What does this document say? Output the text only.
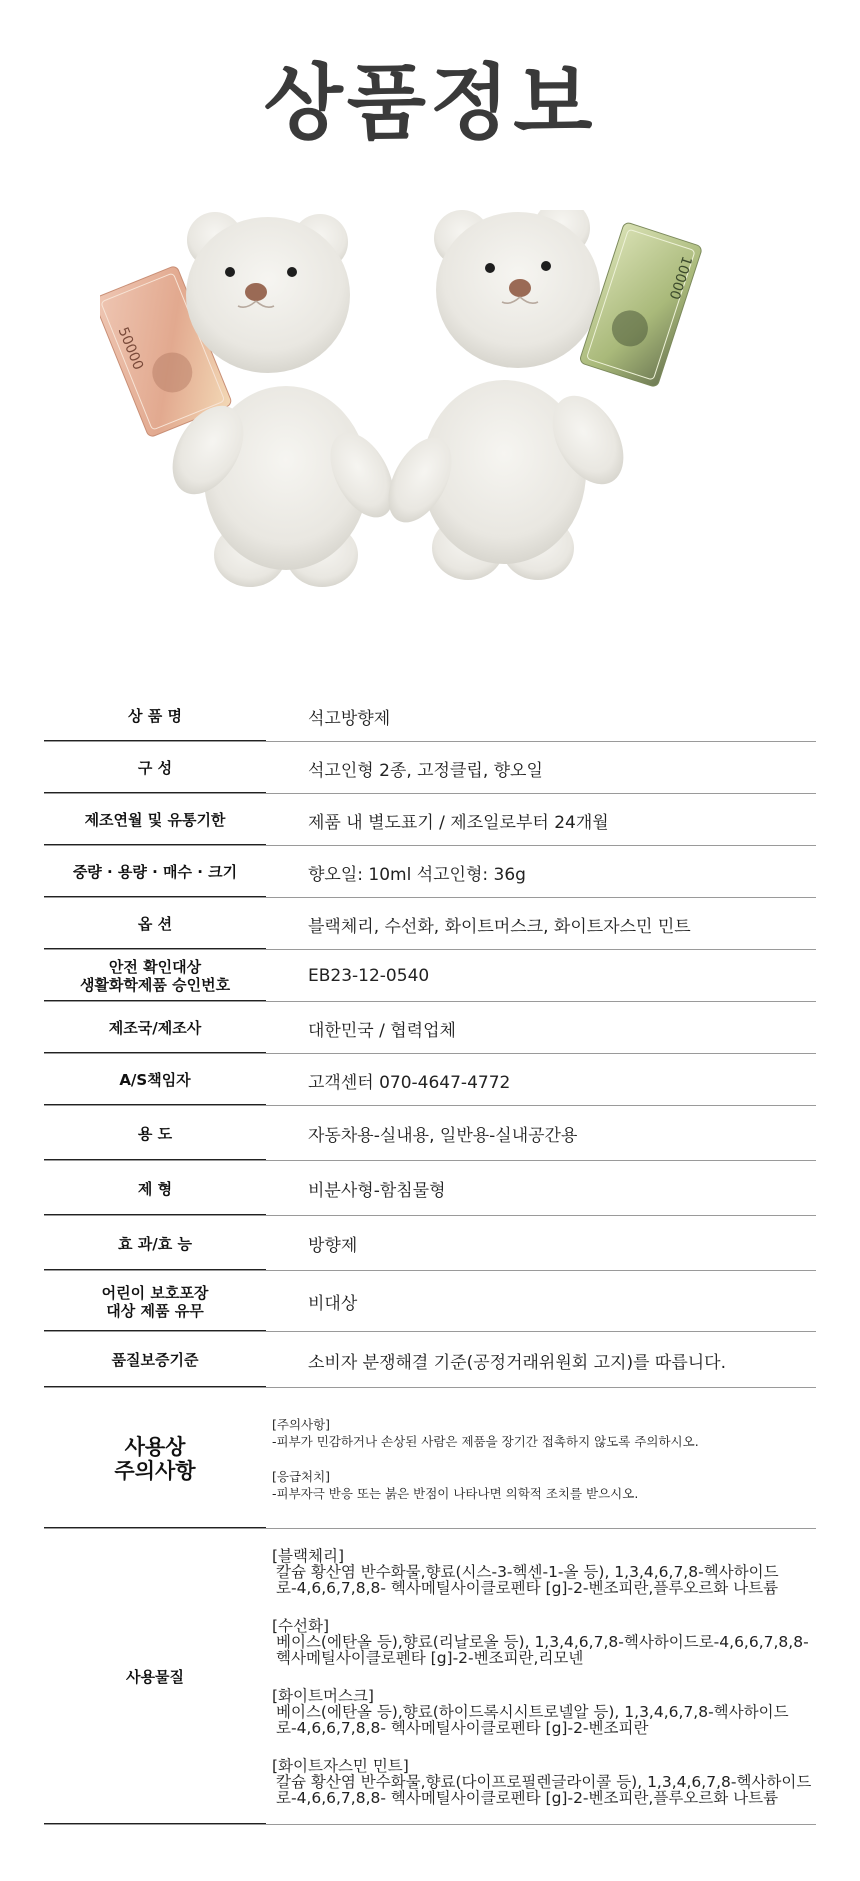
상품정보
50000
10000
상 품 명	석고방향제
구 성	석고인형 2종, 고정클립, 향오일
제조연월 및 유통기한	제품 내 별도표기 / 제조일로부터 24개월
중량 · 용량 · 매수 · 크기	향오일: 10ml 석고인형: 36g
옵 션	블랙체리, 수선화, 화이트머스크, 화이트자스민 민트
안전 확인대상
생활화학제품 승인번호	EB23-12-0540
제조국/제조사	대한민국 / 협력업체
A/S책임자	고객센터 070-4647-4772
용 도	자동차용-실내용, 일반용-실내공간용
제 형	비분사형-함침물형
효 과/효 능	방향제
어린이 보호포장
대상 제품 유무	비대상
품질보증기준	소비자 분쟁해결 기준(공정거래위원회 고지)를 따릅니다.
사용상
주의사항
[주의사항]
-피부가 민감하거나 손상된 사람은 제품을 장기간 접촉하지 않도록 주의하시오.
[응급처치]
-피부자극 반응 또는 붉은 반점이 나타나면 의학적 조치를 받으시오.
사용물질
[블랙체리]
칼슘 황산염 반수화물,향료(시스-3-헥센-1-올 등), 1,3,4,6,7,8-헥사하이드로-4,6,6,7,8,8- 헥사메틸사이클로펜타 [g]-2-벤조피란,플루오르화 나트륨
[수선화]
베이스(에탄올 등),향료(리날로올 등), 1,3,4,6,7,8-헥사하이드로-4,6,6,7,8,8- 헥사메틸사이클로펜타 [g]-2-벤조피란,리모넨
[화이트머스크]
베이스(에탄올 등),향료(하이드록시시트로넬알 등), 1,3,4,6,7,8-헥사하이드로-4,6,6,7,8,8- 헥사메틸사이클로펜타 [g]-2-벤조피란
[화이트자스민 민트]
칼슘 황산염 반수화물,향료(다이프로필렌글라이콜 등), 1,3,4,6,7,8-헥사하이드로-4,6,6,7,8,8- 헥사메틸사이클로펜타 [g]-2-벤조피란,플루오르화 나트륨
